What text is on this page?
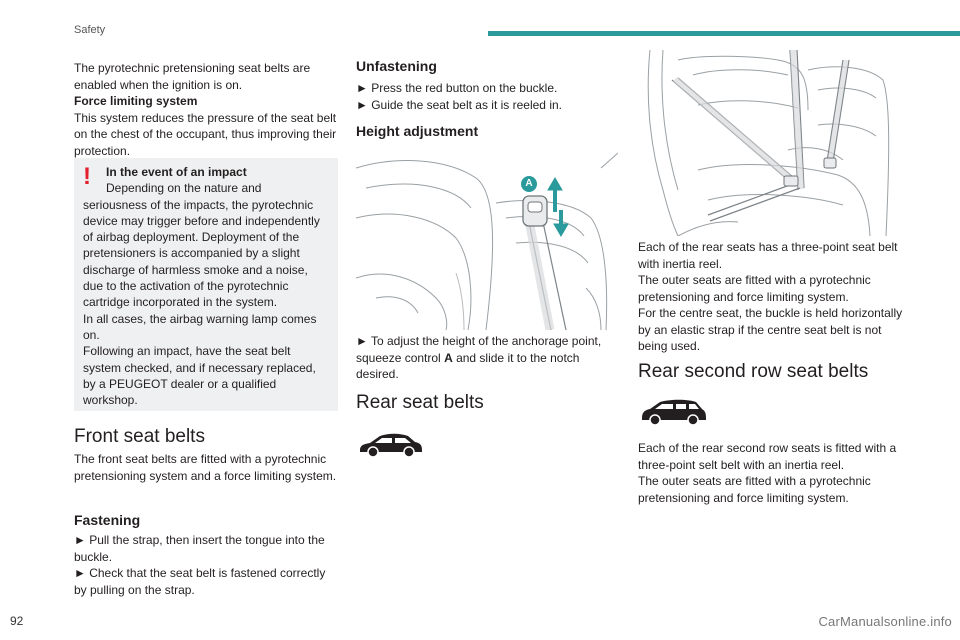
Safety

The pyrotechnic pretensioning seat belts are enabled when the ignition is on.

Force limiting system

This system reduces the pressure of the seat belt on the chest of the occupant, thus improving their protection.

!	In the event of an impact
Depending on the nature and
seriousness of the impacts, the pyrotechnic device may trigger before and independently of airbag deployment. Deployment of the pretensioners is accompanied by a slight discharge of harmless smoke and a noise, due to the activation of the pyrotechnic cartridge incorporated in the system.
In all cases, the airbag warning lamp comes on.
Following an impact, have the seat belt system checked, and if necessary replaced, by a PEUGEOT dealer or a qualified workshop.
Front seat belts

The front seat belts are fitted with a pyrotechnic pretensioning system and a force limiting system.

Fastening

► Pull the strap, then insert the tongue into the buckle.

► Check that the seat belt is fastened correctly by pulling on the strap.

Unfastening

► Press the red button on the buckle.

► Guide the seat belt as it is reeled in.

Height adjustment
A

► To adjust the height of the anchorage point, squeeze control A and slide it to the notch desired.

Rear seat belts

Each of the rear seats has a three-point seat belt with inertia reel.

The outer seats are fitted with a pyrotechnic pretensioning and force limiting system.

For the centre seat, the buckle is held horizontally by an elastic strap if the centre seat belt is not being used.

Rear second row seat belts

Each of the rear second row seats is fitted with a three-point selt belt with an inertia reel.

The outer seats are fitted with a pyrotechnic pretensioning and force limiting system.

92	CarManualsonline.info
